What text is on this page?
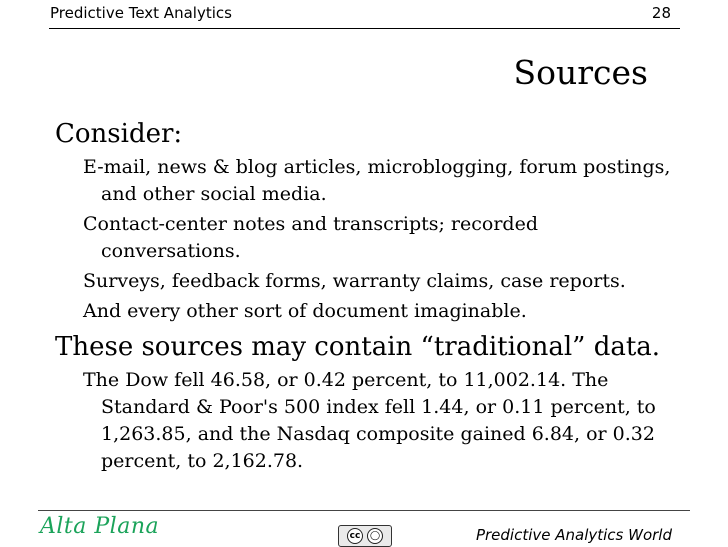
Predictive Text Analytics	28
Sources

Consider:

E-mail, news & blog articles, microblogging, forum postings, and other social media.

Contact-center notes and transcripts; recorded conversations.

Surveys, feedback forms, warranty claims, case reports.

And every other sort of document imaginable.

These sources may contain “traditional” data.

The Dow fell 46.58, or 0.42 percent, to 11,002.14. The Standard & Poor's 500 index fell 1.44, or 0.11 percent, to 1,263.85, and the Nasdaq composite gained 6.84, or 0.32 percent, to 2,162.78.

Alta Plana	cc	◯	Predictive Analytics World
